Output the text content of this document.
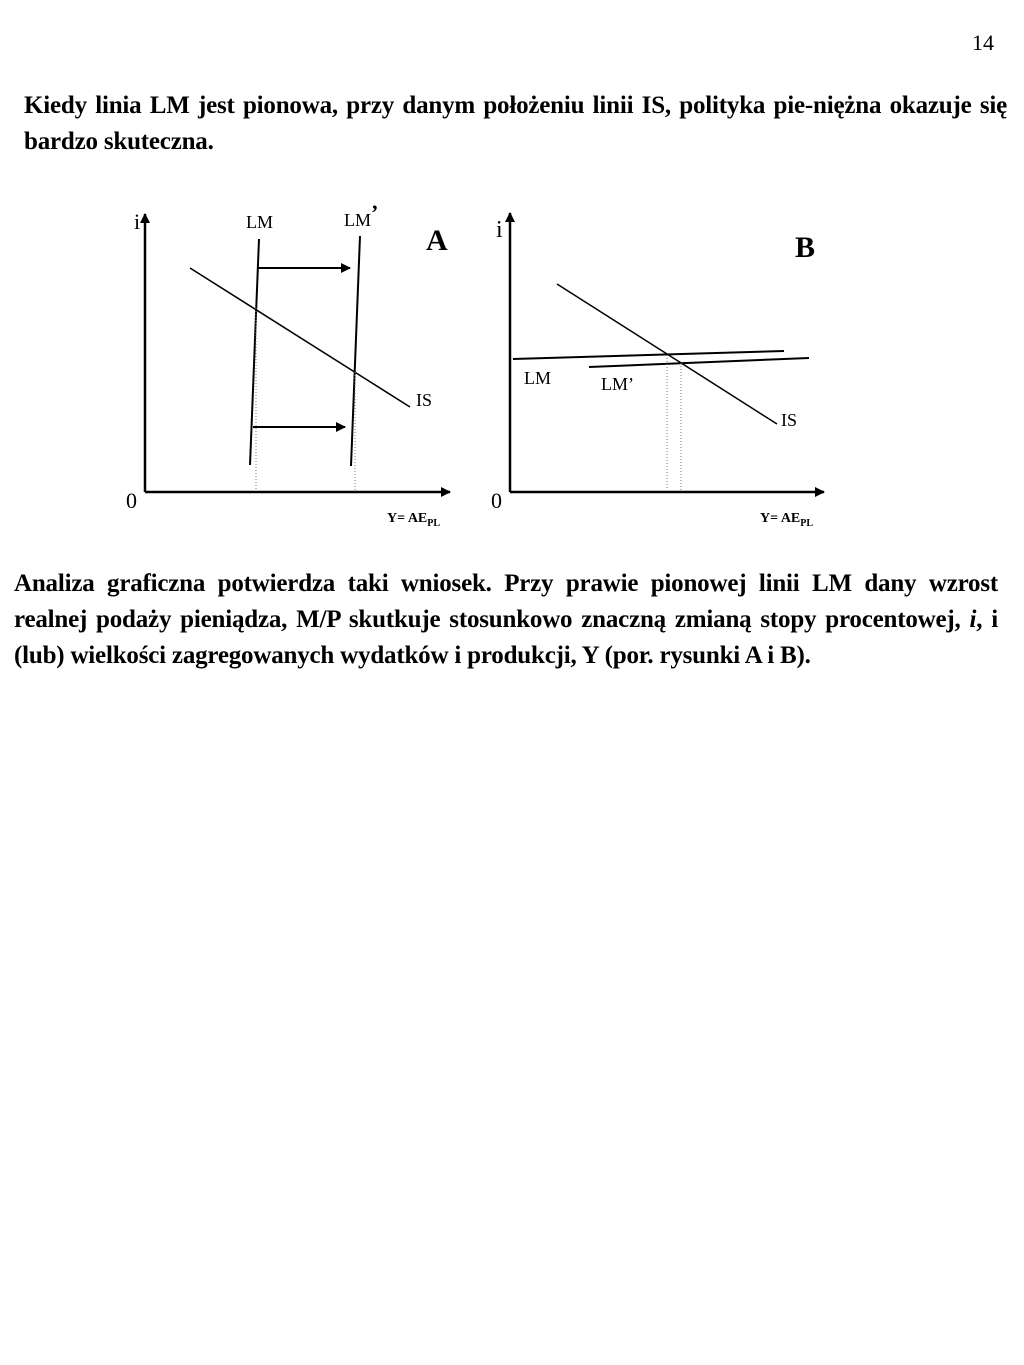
14

Kiedy linia LM jest pionowa, przy danym położeniu linii IS, polityka pie-niężna okazuje się bardzo skuteczna.

i
0
LM	LM’
IS
A
$Y= AE_{PL}$
i
0
LM	LM’
IS
B
$Y= AE_{PL}$

Analiza graficzna potwierdza taki wniosek. Przy prawie pionowej linii LM dany wzrost realnej podaży pieniądza, M/P skutkuje stosunkowo znaczną zmianą stopy procentowej, i, i (lub) wielkości zagregowanych wydatków i produkcji, Y (por. rysunki A i B).
